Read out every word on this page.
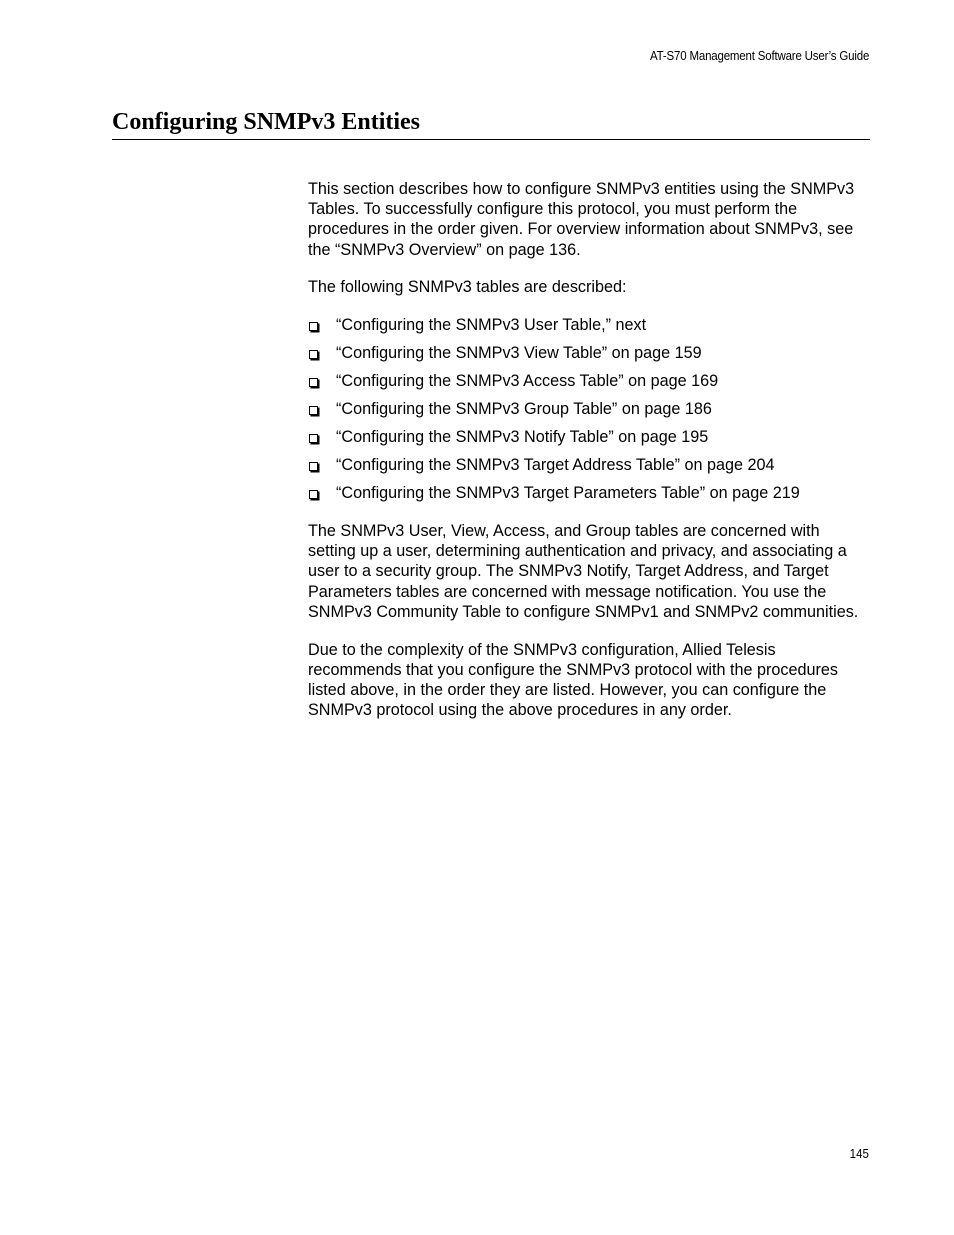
AT-S70 Management Software User’s Guide
Configuring SNMPv3 Entities

This section describes how to configure SNMPv3 entities using the SNMPv3 Tables. To successfully configure this protocol, you must perform the procedures in the order given. For overview information about SNMPv3, see the “SNMPv3 Overview” on page 136.

The following SNMPv3 tables are described:

“Configuring the SNMPv3 User Table,” next
“Configuring the SNMPv3 View Table” on page 159
“Configuring the SNMPv3 Access Table” on page 169
“Configuring the SNMPv3 Group Table” on page 186
“Configuring the SNMPv3 Notify Table” on page 195
“Configuring the SNMPv3 Target Address Table” on page 204
“Configuring the SNMPv3 Target Parameters Table” on page 219

The SNMPv3 User, View, Access, and Group tables are concerned with setting up a user, determining authentication and privacy, and associating a user to a security group. The SNMPv3 Notify, Target Address, and Target Parameters tables are concerned with message notification. You use the SNMPv3 Community Table to configure SNMPv1 and SNMPv2 communities.

Due to the complexity of the SNMPv3 configuration, Allied Telesis recommends that you configure the SNMPv3 protocol with the procedures listed above, in the order they are listed. However, you can configure the SNMPv3 protocol using the above procedures in any order.

145
